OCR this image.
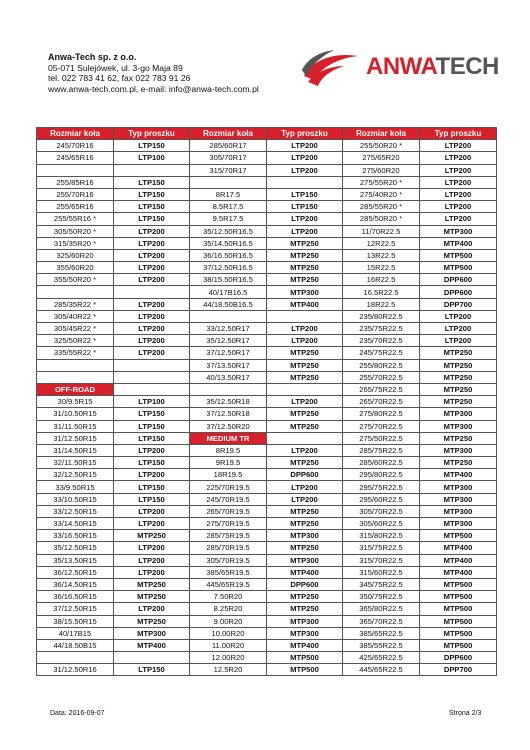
Anwa-Tech sp. z o.o.
05-071 Sulejówek, ul. 3-go Maja 89
tel. 022 783 41 62, fax 022 783 91 26
www.anwa-tech.com.pl, e-mail: info@anwa-tech.com.pl
ANWATECH
Rozmiar koła	Typ proszku	Rozmiar koła	Typ proszku	Rozmiar koła	Typ proszku
245/70R16	LTP150	285/60R17	LTP200	255/50R20 *	LTP200
245/65R16	LTP100	305/70R17	LTP200	275/65R20	LTP200
		315/70R17	LTP200	275/60R20	LTP200
255/85R16	LTP150			275/55R20 *	LTP200
255/70R16	LTP150	8R17.5	LTP150	275/40R20 *	LTP200
255/65R16	LTP150	8.5R17.5	LTP150	285/55R20 *	LTP200
255/55R16 *	LTP150	9.5R17.5	LTP200	285/50R20 *	LTP200
305/50R20 *	LTP200	35/12.50R16.5	LTP200	11/70R22.5	MTP300
315/35R20 *	LTP200	35/14.50R16.5	MTP250	12R22.5	MTP400
325/60R20	LTP200	36/16.50R16.5	MTP250	13R22.5	MTP500
355/60R20	LTP200	37/12.50R16.5	MTP250	15R22.5	MTP500
355/50R20 *	LTP200	38/15.50R16.5	MTP250	16R22.5	DPP600
		40/17B16.5	MTP300	16.5R22.5	DPP600
285/35R22 *	LTP200	44/18.50B16.5	MTP400	18R22.5	DPP700
305/40R22 *	LTP200			235/80R22.5	LTP200
305/45R22 *	LTP200	33/12.50R17	LTP200	235/75R22.5	LTP200
325/50R22 *	LTP200	35/12.50R17	LTP200	235/70R22.5	LTP200
335/55R22 *	LTP200	37/12.50R17	MTP250	245/75R22.5	MTP250
		37/13.50R17	MTP250	255/80R22.5	MTP250
		40/13.50R17	MTP250	255/70R22.5	MTP250
OFF-ROAD				265/75R22.5	MTP250
30/9.5R15	LTP100	35/12.50R18	LTP200	265/70R22.5	MTP250
31/10.50R15	LTP150	37/12.50R18	MTP250	275/80R22.5	MTP300
31/11.50R15	LTP150	37/12.50R20	MTP250	275/70R22.5	MTP300
31/12.50R15	LTP150	MEDIUM TR		275/50R22.5	MTP250
31/14.50R15	LTP200	8R19.5	LTP200	285/75R22.5	MTP300
32/11.50R15	LTP150	9R19.5	MTP250	285/60R22.5	MTP250
32/12.50R15	LTP200	18R19.5	DPP600	295/80R22.5	MTP400
33/9.50R15	LTP150	225/70R19.5	LTP200	295/75R22.5	MTP300
33/10.50R15	LTP150	245/70R19.5	LTP200	295/60R22.5	MTP300
33/12.50R15	LTP200	265/70R19.5	MTP250	305/70R22.5	MTP300
33/14.50R15	LTP200	275/70R19.5	MTP250	305/60R22.5	MTP300
33/16.50R15	MTP250	285/75R19.5	MTP300	315/80R22.5	MTP500
35/12.50R15	LTP200	285/70R19.5	MTP250	315/75R22.5	MTP400
35/13.50R15	LTP200	305/70R19.5	MTP300	315/70R22.5	MTP400
36/12.50R15	LTP200	385/65R19.5	MTP400	315/60R22.5	MTP400
36/14.50R15	MTP250	445/65R19.5	DPP600	345/75R22.5	MTP500
36/16.50R15	MTP250	7.50R20	MTP250	350/75R22.5	MTP500
37/12.50R15	LTP200	8.25R20	MTP250	365/80R22.5	MTP500
38/15.50R15	MTP250	9.00R20	MTP300	365/70R22.5	MTP500
40/17B15	MTP300	10.00R20	MTP300	385/65R22.5	MTP500
44/18.50B15	MTP400	11.00R20	MTP400	385/55R22.5	MTP500
		12.00R20	MTP500	425/65R22.5	DPP600
31/12.50R16	LTP150	12.5R20	MTP500	445/65R22.5	DPP700
Data: 2016-09-07	Strona 2/3
